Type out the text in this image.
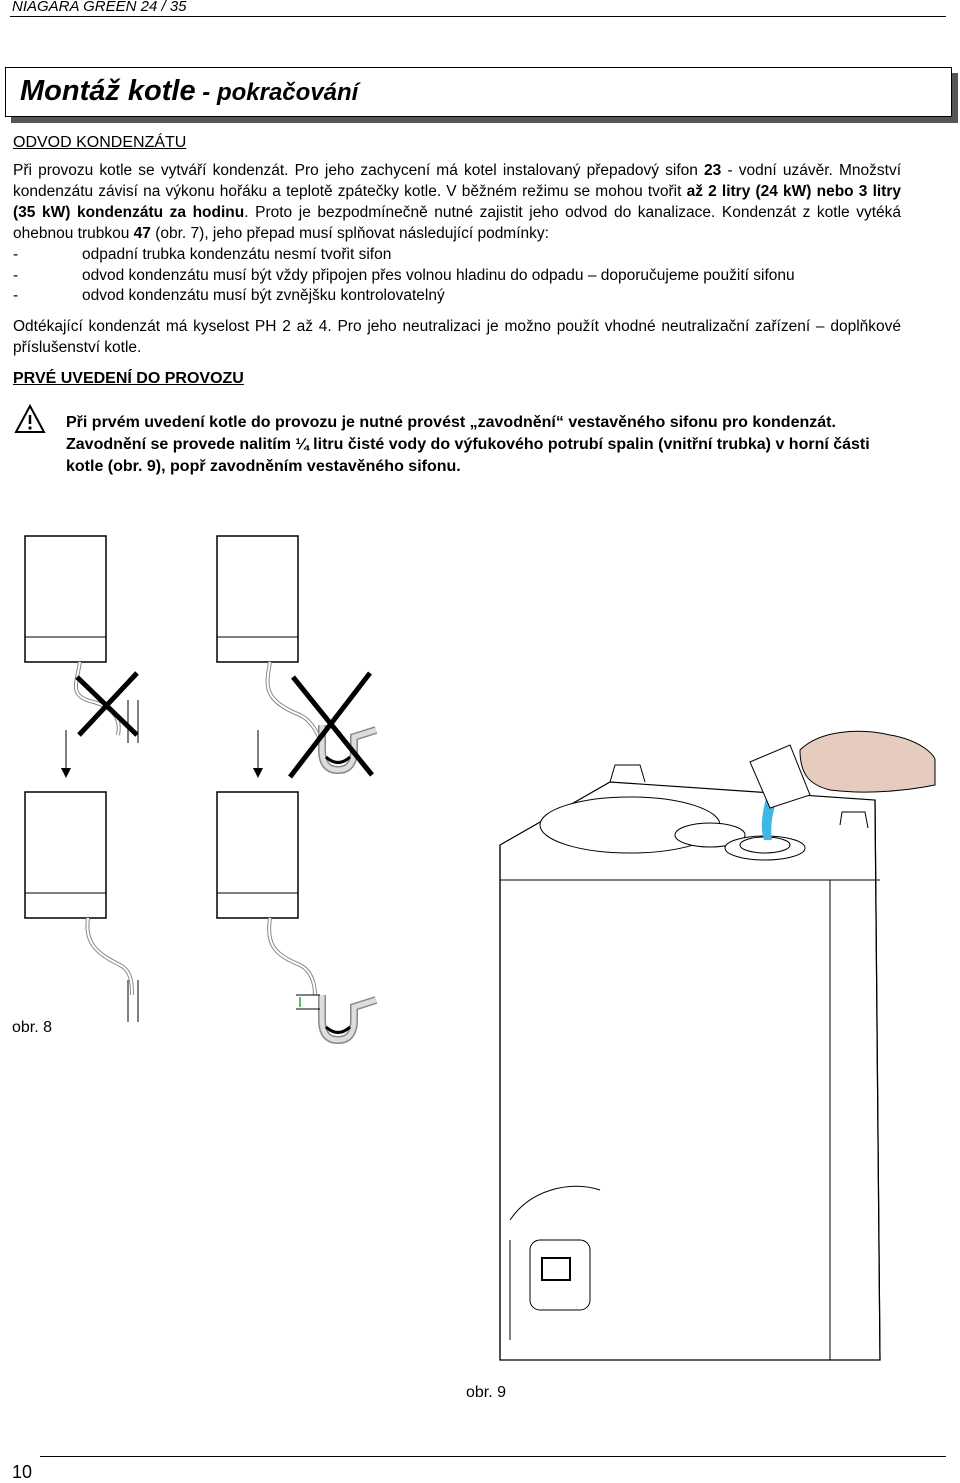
NIAGARA GREEN 24 / 35
Montáž kotle - pokračování
ODVOD KONDENZÁTU
Při provozu kotle se vytváří kondenzát. Pro jeho zachycení má kotel instalovaný přepadový sifon 23 - vodní uzávěr. Množství kondenzátu závisí na výkonu hořáku a teplotě zpátečky kotle. V běžném režimu se mohou tvořit až 2 litry (24 kW) nebo 3 litry (35 kW) kondenzátu za hodinu. Proto je bezpodmínečně nutné zajistit jeho odvod do kanalizace. Kondenzát z kotle vytéká ohebnou trubkou 47 (obr. 7), jeho přepad musí splňovat následující podmínky:
-	odpadní trubka kondenzátu nesmí tvořit sifon
-	odvod kondenzátu musí být vždy připojen přes volnou hladinu do odpadu – doporučujeme použití sifonu
-	odvod kondenzátu musí být zvnějšku kontrolovatelný
Odtékající kondenzát má kyselost PH 2 až 4. Pro jeho neutralizaci je možno použít vhodné neutralizační zařízení – doplňkové příslušenství kotle.
PRVÉ UVEDENÍ DO PROVOZU
Při prvém uvedení kotle do provozu je nutné provést „zavodnění“ vestavěného sifonu pro kondenzát.
Zavodnění se provede nalitím ¼ litru čisté vody do výfukového potrubí spalin (vnitřní trubka) v horní části
kotle (obr. 9), popř zavodněním vestavěného sifonu.
obr. 8
obr. 9
10
